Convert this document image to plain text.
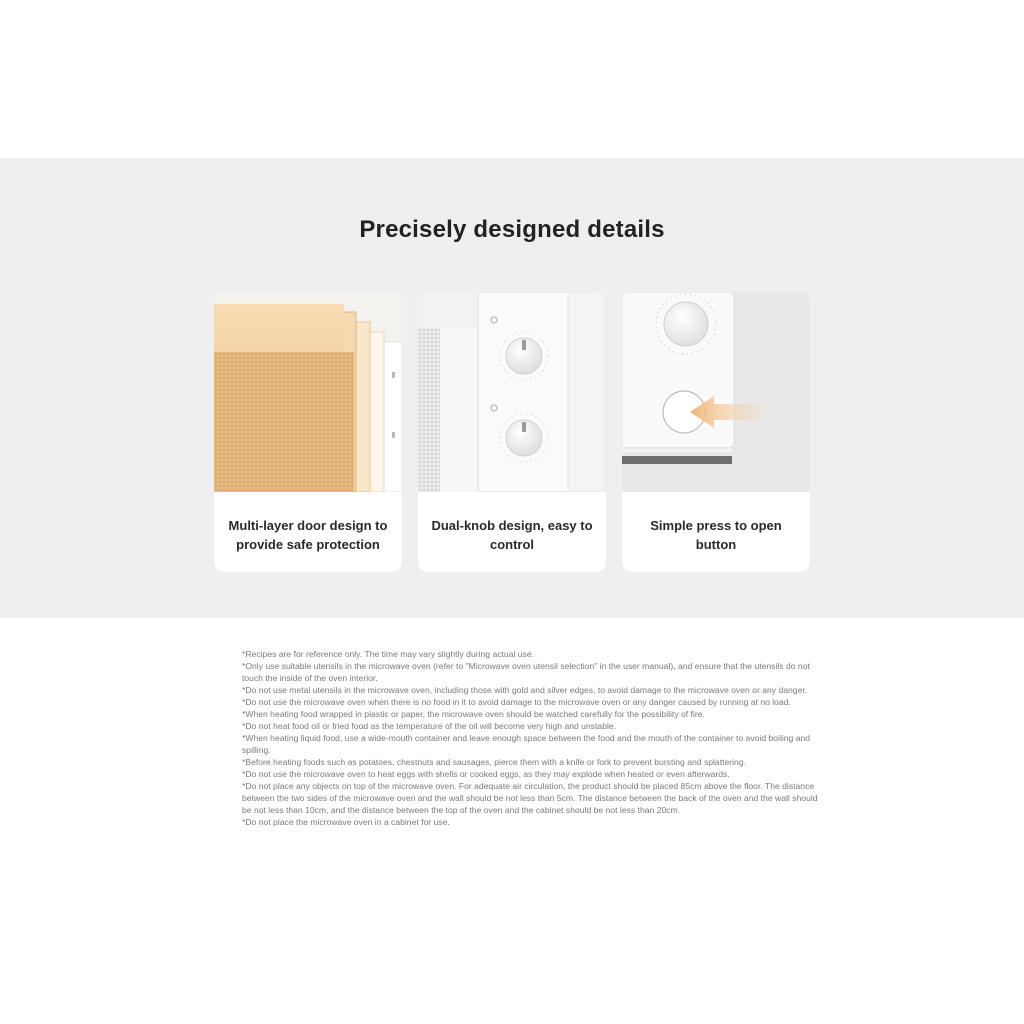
Precisely designed details
Multi-layer door design to provide safe protection
Dual-knob design, easy to control
Simple press to open button

*Recipes are for reference only. The time may vary slightly during actual use.

*Only use suitable utensils in the microwave oven (refer to "Microwave oven utensil selection" in the user manual), and ensure that the utensils do not touch the inside of the oven interior.

*Do not use metal utensils in the microwave oven, including those with gold and silver edges, to avoid damage to the microwave oven or any danger.

*Do not use the microwave oven when there is no food in it to avoid damage to the microwave oven or any danger caused by running at no load.

*When heating food wrapped in plastic or paper, the microwave oven should be watched carefully for the possibility of fire.

*Do not heat food oil or fried food as the temperature of the oil will become very high and unstable.

*When heating liquid food, use a wide-mouth container and leave enough space between the food and the mouth of the container to avoid boiling and spilling.

*Before heating foods such as potatoes, chestnuts and sausages, pierce them with a knife or fork to prevent bursting and splattering.

*Do not use the microwave oven to heat eggs with shells or cooked eggs, as they may explode when heated or even afterwards.

*Do not place any objects on top of the microwave oven. For adequate air circulation, the product should be placed 85cm above the floor. The distance between the two sides of the microwave oven and the wall should be not less than 5cm. The distance between the back of the oven and the wall should be not less than 10cm, and the distance between the top of the oven and the cabinet should be not less than 20cm.

*Do not place the microwave oven in a cabinet for use.
